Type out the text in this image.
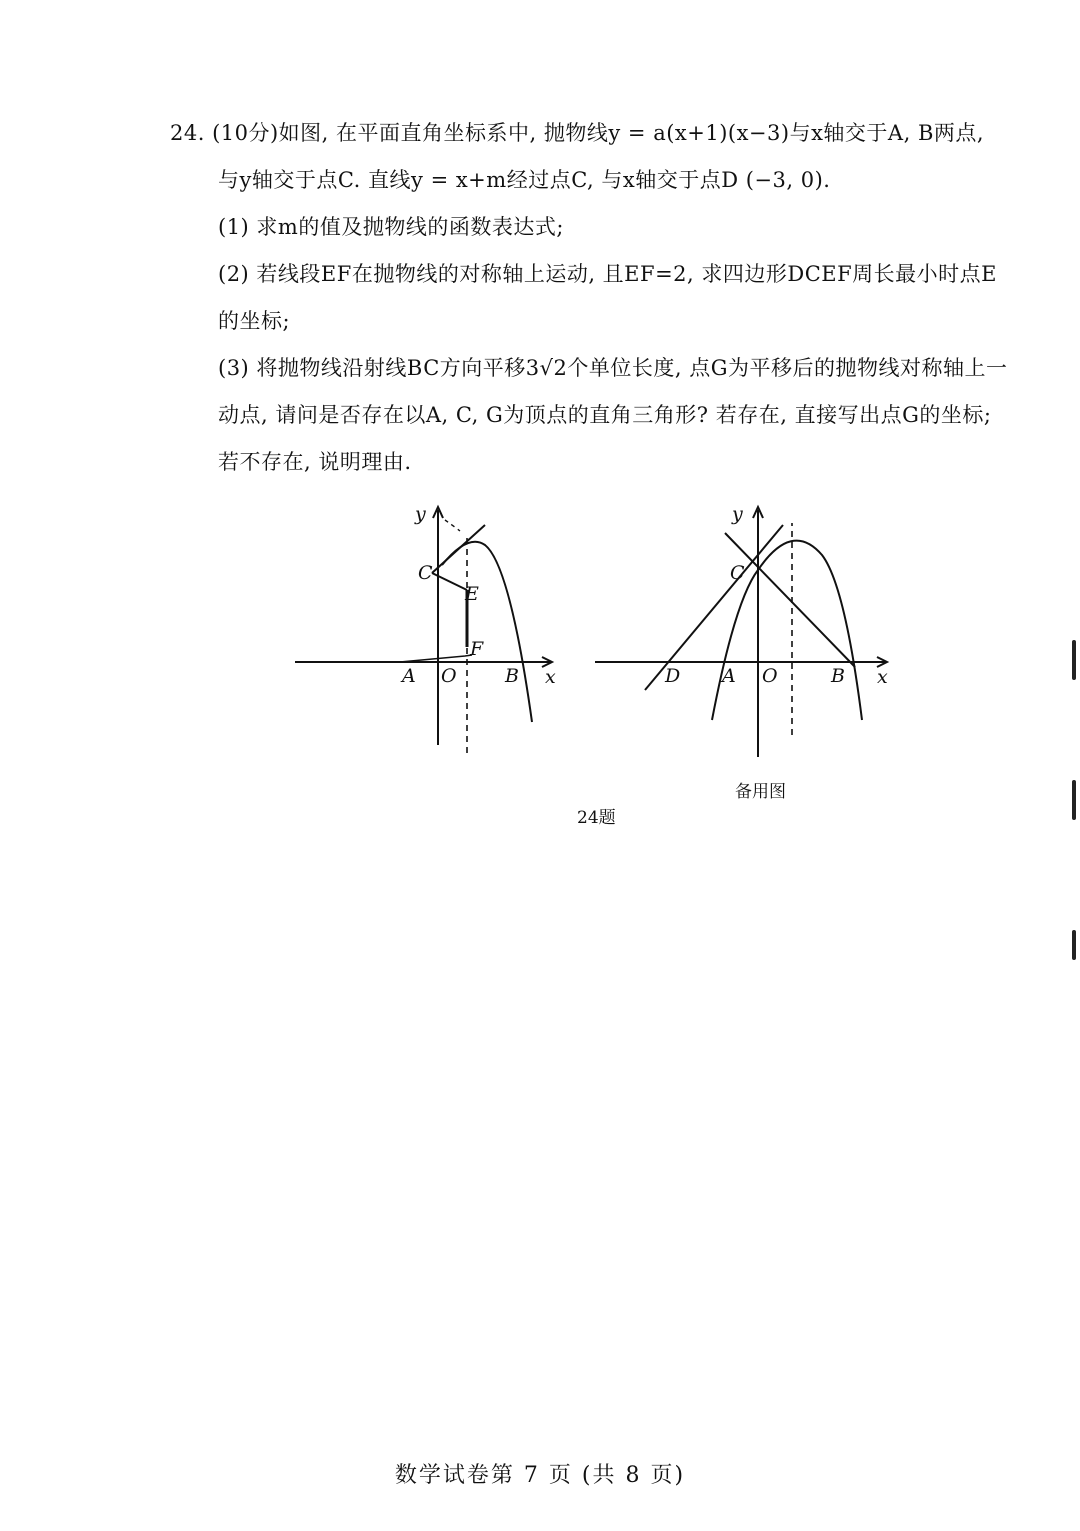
24. (10分)如图, 在平面直角坐标系中, 抛物线y = a(x+1)(x−3)与x轴交于A, B两点,
与y轴交于点C. 直线y = x+m经过点C, 与x轴交于点D (−3, 0).
(1) 求m的值及抛物线的函数表达式;
(2) 若线段EF在抛物线的对称轴上运动, 且EF=2, 求四边形DCEF周长最小时点E
的坐标;
(3) 将抛物线沿射线BC方向平移3√2个单位长度, 点G为平移后的抛物线对称轴上一
动点, 请问是否存在以A, C, G为顶点的直角三角形? 若存在, 直接写出点G的坐标;
若不存在, 说明理由.
y
C
E
F
A O	B x
y
C
D A O	B x
备用图
24题
数学试卷第 7 页 (共 8 页)
